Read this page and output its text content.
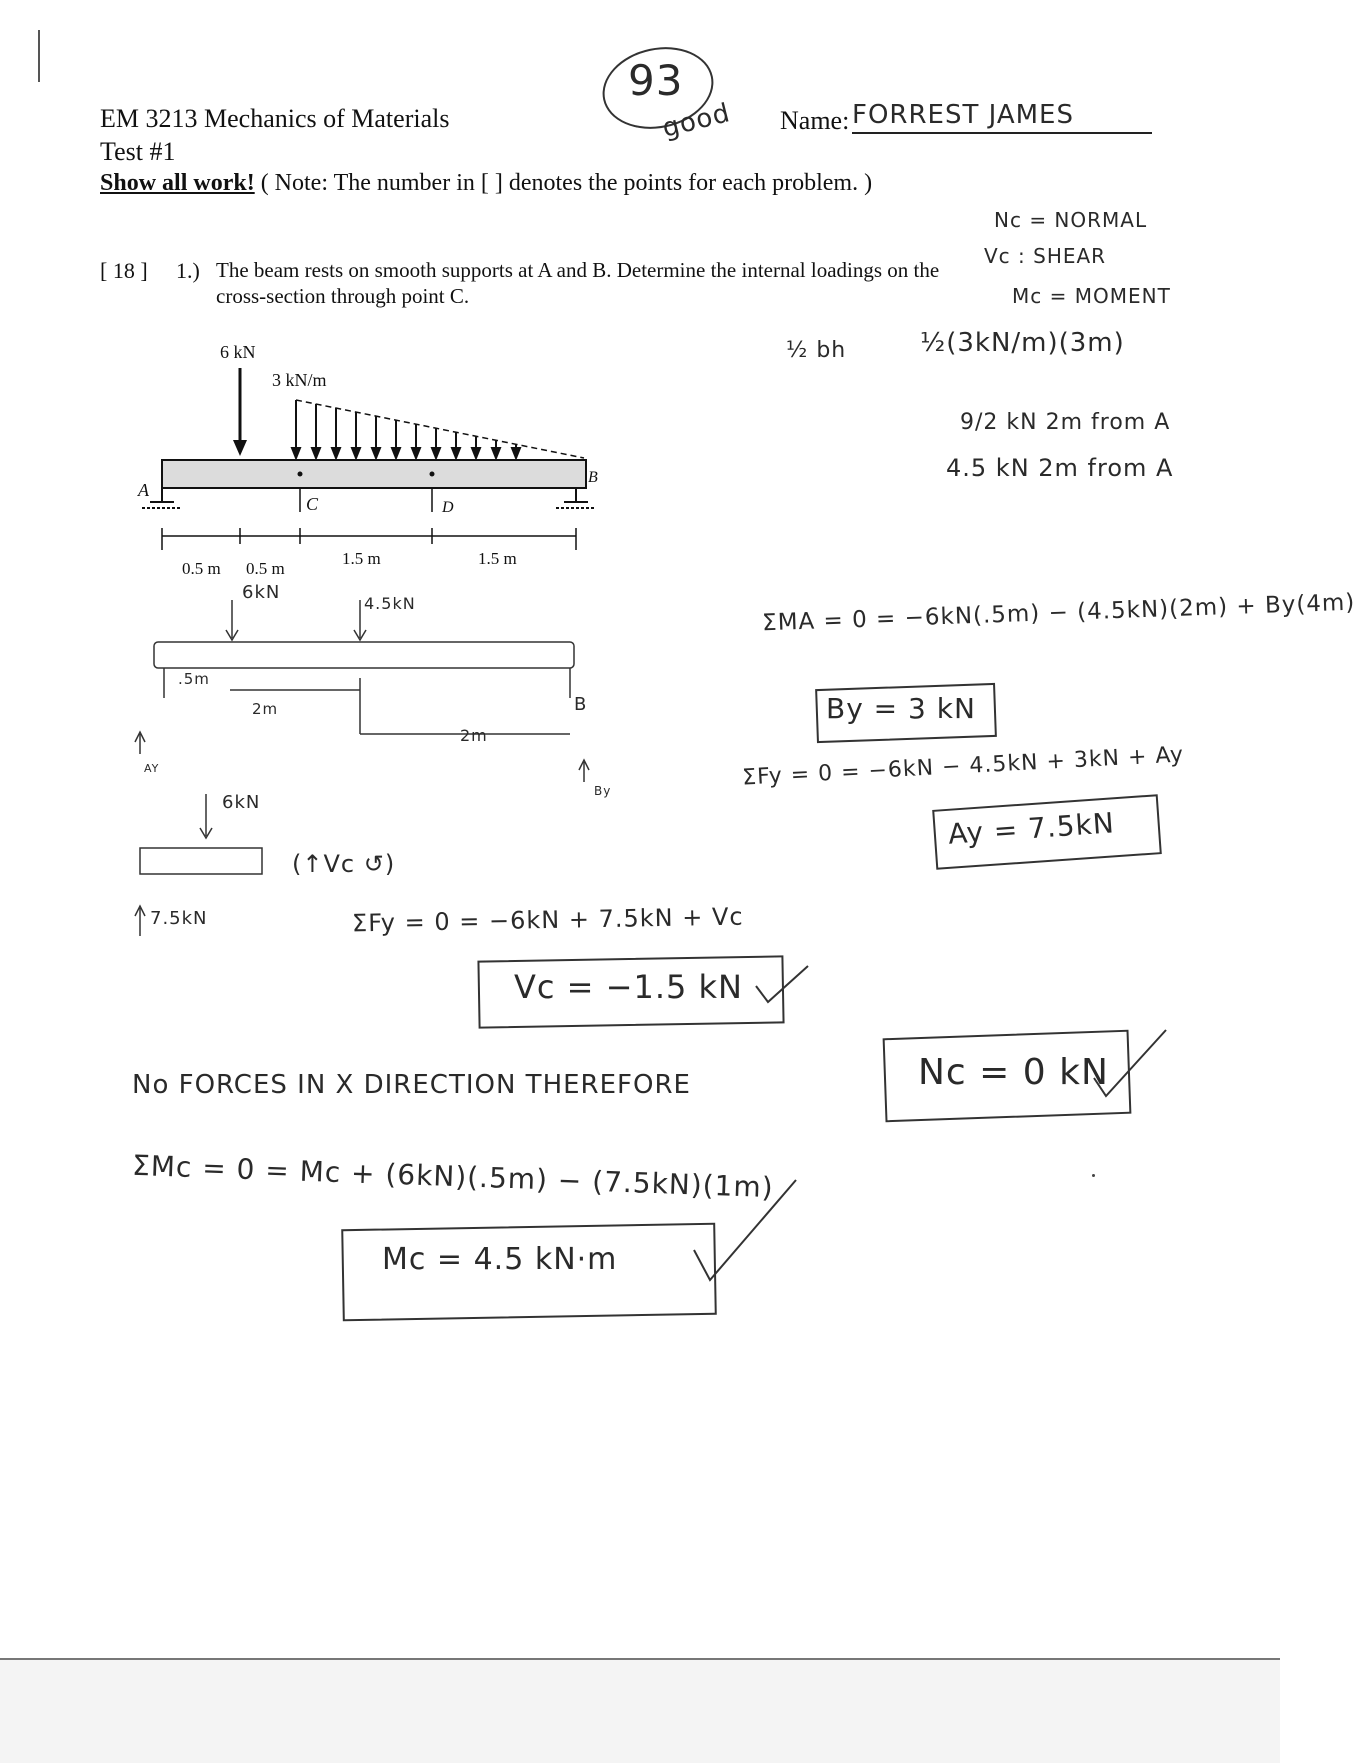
EM 3213 Mechanics of Materials
Test #1
Show all work! ( Note: The number in [ ] denotes the points for each problem. )
Name: FORREST JAMES
93
good
[ 18 ] 1.) The beam rests on smooth supports at A and B. Determine the internal loadings on the
cross-section through point C.
Nc = NORMAL
Vc : SHEAR
Mc = MOMENT
6 kN
3 kN/m
A
B
C	D
0.5 m 0.5 m
1.5 m	1.5 m
½ bh	½(3kN/m)(3m)
9/2 kN 2m from A
4.5 kN 2m from A
6kN
4.5kN
.5m
2m
2m
B
AY
By
ΣMA = 0 = −6kN(.5m) − (4.5kN)(2m) + By(4m)
By = 3 kN
ΣFy = 0 = −6kN − 4.5kN + 3kN + Ay
Ay = 7.5kN
6kN
7.5kN
(↑Vc ↺)
ΣFy = 0 = −6kN + 7.5kN + Vc
Vc = −1.5 kN
No FORCES IN X DIRECTION THEREFORE	Nc = 0 kN
ΣMc = 0 = Mc + (6kN)(.5m) − (7.5kN)(1m)
Mc = 4.5 kN·m
